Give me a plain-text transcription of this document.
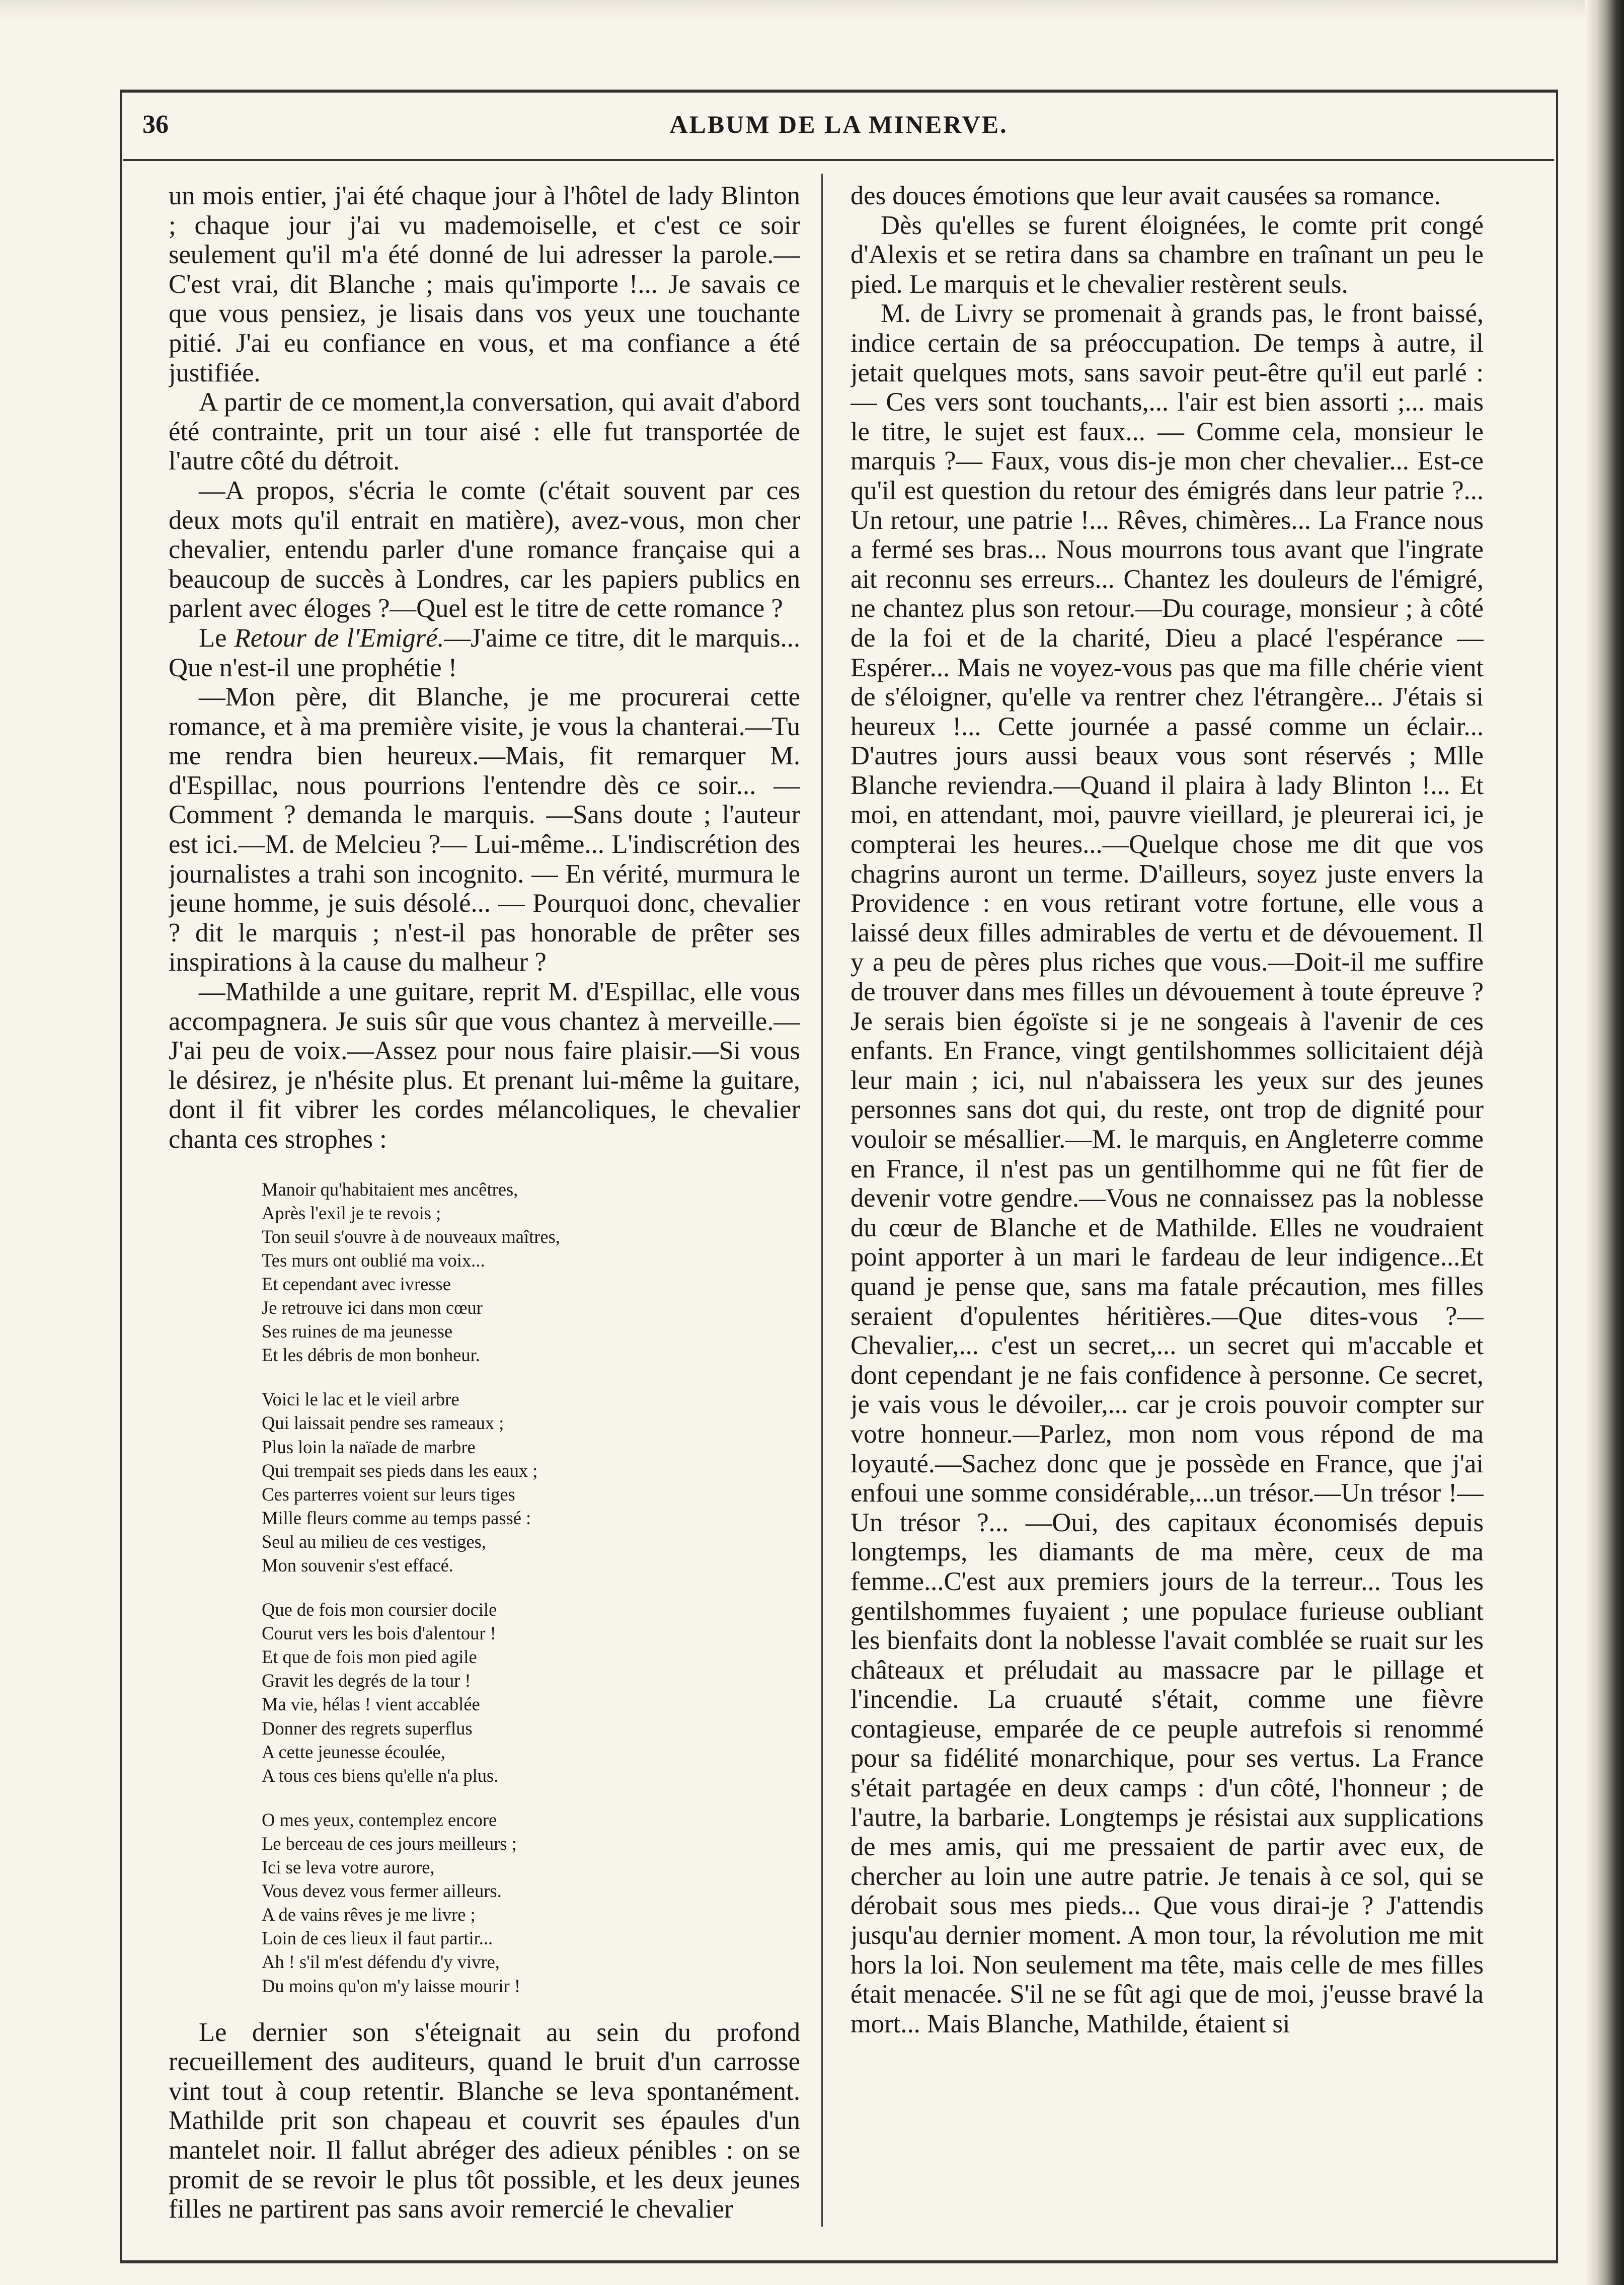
36	ALBUM DE LA MINERVE.

un mois entier, j'ai été chaque jour à l'hôtel de lady Blinton ; chaque jour j'ai vu mademoiselle, et c'est ce soir seulement qu'il m'a été donné de lui adresser la parole.—C'est vrai, dit Blanche ; mais qu'importe !... Je savais ce que vous pensiez, je lisais dans vos yeux une touchante pitié. J'ai eu confiance en vous, et ma confiance a été justifiée.

A partir de ce moment,la conversation, qui avait d'abord été contrainte, prit un tour aisé : elle fut transportée de l'autre côté du détroit.

—A propos, s'écria le comte (c'était souvent par ces deux mots qu'il entrait en matière), avez-vous, mon cher chevalier, entendu parler d'une romance française qui a beaucoup de succès à Londres, car les papiers publics en parlent avec éloges ?—Quel est le titre de cette romance ?

Le Retour de l'Emigré.—J'aime ce titre, dit le marquis... Que n'est-il une prophétie !

—Mon père, dit Blanche, je me procurerai cette romance, et à ma première visite, je vous la chanterai.—Tu me rendra bien heureux.—Mais, fit remarquer M. d'Espillac, nous pourrions l'entendre dès ce soir... — Comment ? demanda le marquis. —Sans doute ; l'auteur est ici.—M. de Melcieu ?— Lui-même... L'indiscrétion des journalistes a trahi son incognito. — En vérité, murmura le jeune homme, je suis désolé... — Pourquoi donc, chevalier ? dit le marquis ; n'est-il pas honorable de prêter ses inspirations à la cause du malheur ?

—Mathilde a une guitare, reprit M. d'Espillac, elle vous accompagnera. Je suis sûr que vous chantez à merveille.—J'ai peu de voix.—Assez pour nous faire plaisir.—Si vous le désirez, je n'hésite plus. Et prenant lui-même la guitare, dont il fit vibrer les cordes mélancoliques, le chevalier chanta ces strophes :

Manoir qu'habitaient mes ancêtres,
Après l'exil je te revois ;
Ton seuil s'ouvre à de nouveaux maîtres,
Tes murs ont oublié ma voix...
Et cependant avec ivresse
Je retrouve ici dans mon cœur
Ses ruines de ma jeunesse
Et les débris de mon bonheur.
Voici le lac et le vieil arbre
Qui laissait pendre ses rameaux ;
Plus loin la naïade de marbre
Qui trempait ses pieds dans les eaux ;
Ces parterres voient sur leurs tiges
Mille fleurs comme au temps passé :
Seul au milieu de ces vestiges,
Mon souvenir s'est effacé.
Que de fois mon coursier docile
Courut vers les bois d'alentour !
Et que de fois mon pied agile
Gravit les degrés de la tour !
Ma vie, hélas ! vient accablée
Donner des regrets superflus
A cette jeunesse écoulée,
A tous ces biens qu'elle n'a plus.
O mes yeux, contemplez encore
Le berceau de ces jours meilleurs ;
Ici se leva votre aurore,
Vous devez vous fermer ailleurs.
A de vains rêves je me livre ;
Loin de ces lieux il faut partir...
Ah ! s'il m'est défendu d'y vivre,
Du moins qu'on m'y laisse mourir !

Le dernier son s'éteignait au sein du profond recueillement des auditeurs, quand le bruit d'un carrosse vint tout à coup retentir. Blanche se leva spontanément. Mathilde prit son chapeau et couvrit ses épaules d'un mantelet noir. Il fallut abréger des adieux pénibles : on se promit de se revoir le plus tôt possible, et les deux jeunes filles ne partirent pas sans avoir remercié le chevalier

des douces émotions que leur avait causées sa romance.

Dès qu'elles se furent éloignées, le comte prit congé d'Alexis et se retira dans sa chambre en traînant un peu le pied. Le marquis et le chevalier restèrent seuls.

M. de Livry se promenait à grands pas, le front baissé, indice certain de sa préoccupation. De temps à autre, il jetait quelques mots, sans savoir peut-être qu'il eut parlé : — Ces vers sont touchants,... l'air est bien assorti ;... mais le titre, le sujet est faux... — Comme cela, monsieur le marquis ?— Faux, vous dis-je mon cher chevalier... Est-ce qu'il est question du retour des émigrés dans leur patrie ?... Un retour, une patrie !... Rêves, chimères... La France nous a fermé ses bras... Nous mourrons tous avant que l'ingrate ait reconnu ses erreurs... Chantez les douleurs de l'émigré, ne chantez plus son retour.—Du courage, monsieur ; à côté de la foi et de la charité, Dieu a placé l'espérance —Espérer... Mais ne voyez-vous pas que ma fille chérie vient de s'éloigner, qu'elle va rentrer chez l'étrangère... J'étais si heureux !... Cette journée a passé comme un éclair... D'autres jours aussi beaux vous sont réservés ; Mlle Blanche reviendra.—Quand il plaira à lady Blinton !... Et moi, en attendant, moi, pauvre vieillard, je pleurerai ici, je compterai les heures...—Quelque chose me dit que vos chagrins auront un terme. D'ailleurs, soyez juste envers la Providence : en vous retirant votre fortune, elle vous a laissé deux filles admirables de vertu et de dévouement. Il y a peu de pères plus riches que vous.—Doit-il me suffire de trouver dans mes filles un dévouement à toute épreuve ? Je serais bien égoïste si je ne songeais à l'avenir de ces enfants. En France, vingt gentilshommes sollicitaient déjà leur main ; ici, nul n'abaissera les yeux sur des jeunes personnes sans dot qui, du reste, ont trop de dignité pour vouloir se mésallier.—M. le marquis, en Angleterre comme en France, il n'est pas un gentilhomme qui ne fût fier de devenir votre gendre.—Vous ne connaissez pas la noblesse du cœur de Blanche et de Mathilde. Elles ne voudraient point apporter à un mari le fardeau de leur indigence...Et quand je pense que, sans ma fatale précaution, mes filles seraient d'opulentes héritières.—Que dites-vous ?— Chevalier,... c'est un secret,... un secret qui m'accable et dont cependant je ne fais confidence à personne. Ce secret, je vais vous le dévoiler,... car je crois pouvoir compter sur votre honneur.—Parlez, mon nom vous répond de ma loyauté.—Sachez donc que je possède en France, que j'ai enfoui une somme considérable,...un trésor.—Un trésor !—Un trésor ?... —Oui, des capitaux économisés depuis longtemps, les diamants de ma mère, ceux de ma femme...C'est aux premiers jours de la terreur... Tous les gentilshommes fuyaient ; une populace furieuse oubliant les bienfaits dont la noblesse l'avait comblée se ruait sur les châteaux et préludait au massacre par le pillage et l'incendie. La cruauté s'était, comme une fièvre contagieuse, emparée de ce peuple autrefois si renommé pour sa fidélité monarchique, pour ses vertus. La France s'était partagée en deux camps : d'un côté, l'honneur ; de l'autre, la barbarie. Longtemps je résistai aux supplications de mes amis, qui me pressaient de partir avec eux, de chercher au loin une autre patrie. Je tenais à ce sol, qui se dérobait sous mes pieds... Que vous dirai-je ? J'attendis jusqu'au dernier moment. A mon tour, la révolution me mit hors la loi. Non seulement ma tête, mais celle de mes filles était menacée. S'il ne se fût agi que de moi, j'eusse bravé la mort... Mais Blanche, Mathilde, étaient si
